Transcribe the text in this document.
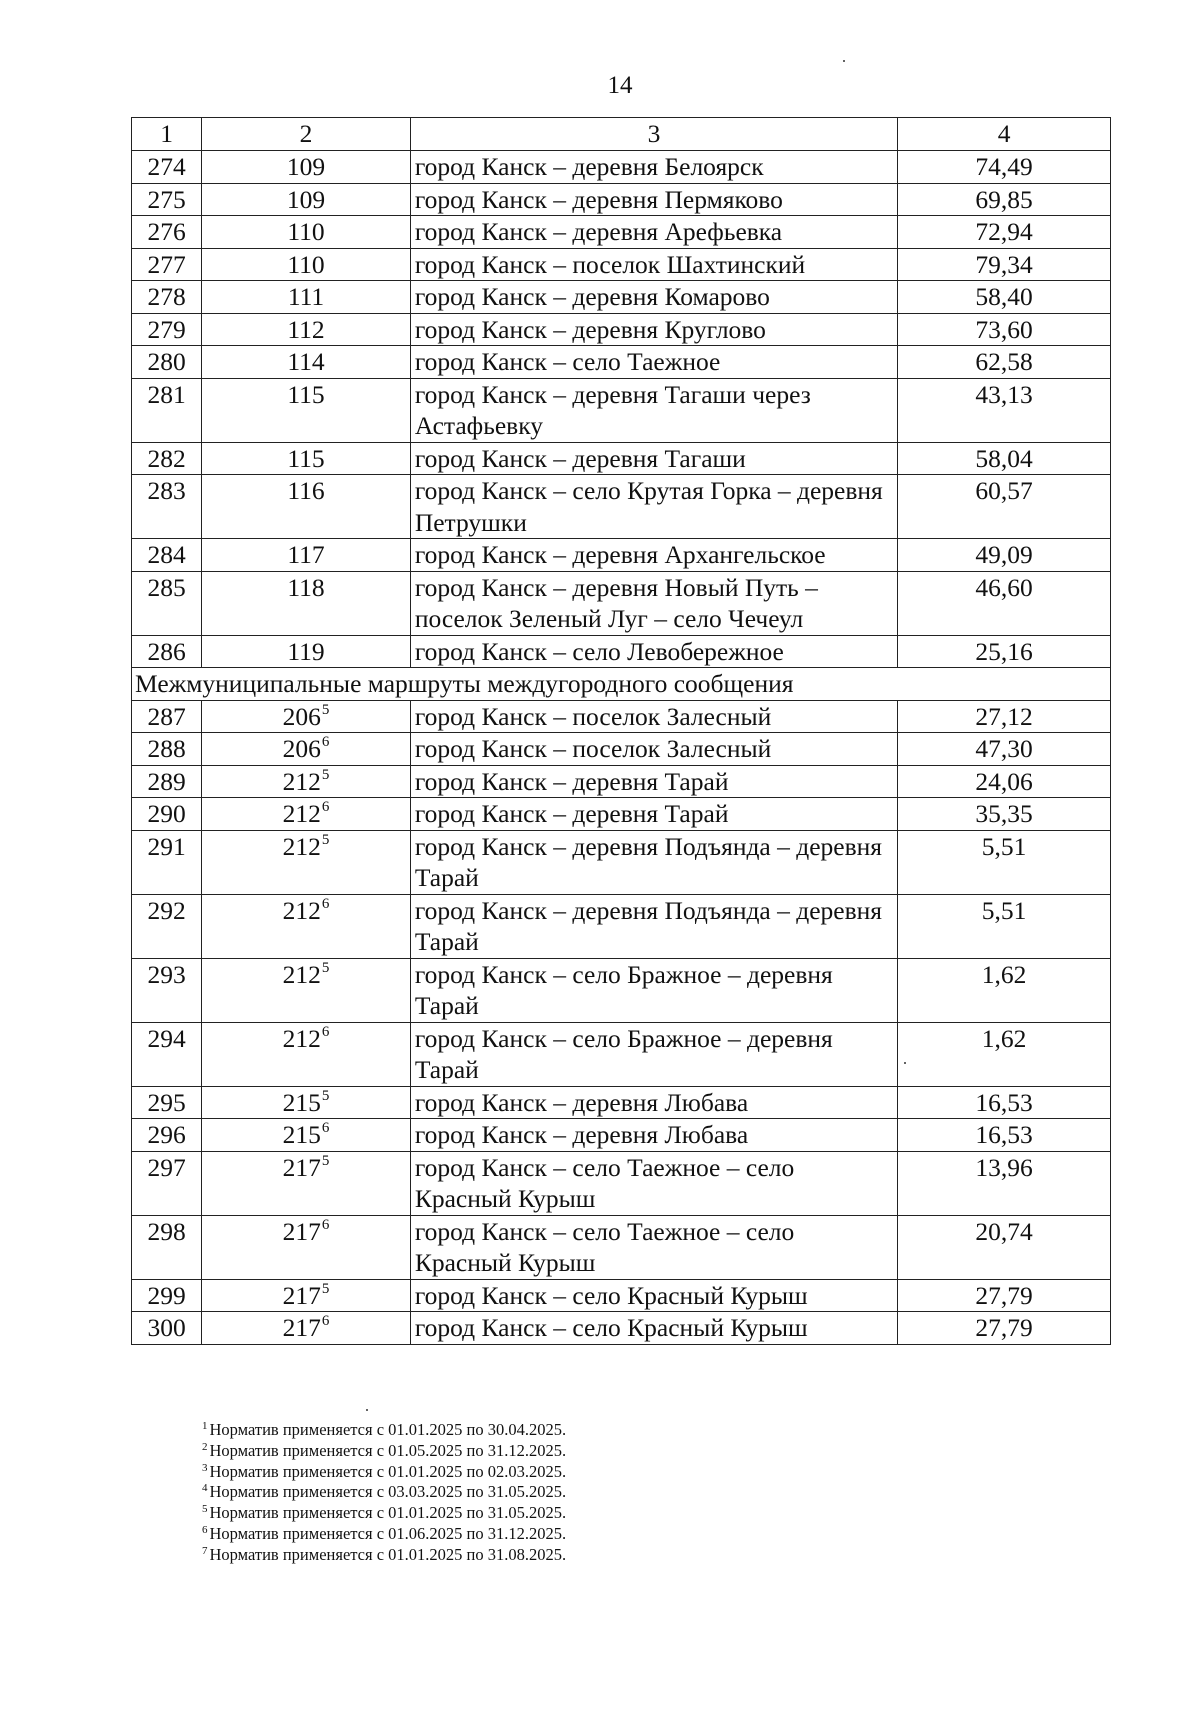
14
1	2	3	4
274	109	город Канск – деревня Белоярск	74,49
275	109	город Канск – деревня Пермяково	69,85
276	110	город Канск – деревня Арефьевка	72,94
277	110	город Канск – поселок Шахтинский	79,34
278	111	город Канск – деревня Комарово	58,40
279	112	город Канск – деревня Круглово	73,60
280	114	город Канск – село Таежное	62,58
281	115	город Канск – деревня Тагаши через Астафьевку	43,13
282	115	город Канск – деревня Тагаши	58,04
283	116	город Канск – село Крутая Горка – деревня Петрушки	60,57
284	117	город Канск – деревня Архангельское	49,09
285	118	город Канск – деревня Новый Путь – поселок Зеленый Луг – село Чечеул	46,60
286	119	город Канск – село Левобережное	25,16
Межмуниципальные маршруты междугородного сообщения			
287	$206^5$	город Канск – поселок Залесный	27,12
288	$206^6$	город Канск – поселок Залесный	47,30
289	$212^5$	город Канск – деревня Тарай	24,06
290	$212^6$	город Канск – деревня Тарай	35,35
291	$212^5$	город Канск – деревня Подъянда – деревня Тарай	5,51
292	$212^6$	город Канск – деревня Подъянда – деревня Тарай	5,51
293	$212^5$	город Канск – село Бражное – деревня Тарай	1,62
294	$212^6$	город Канск – село Бражное – деревня Тарай	1,62
295	$215^5$	город Канск – деревня Любава	16,53
296	$215^6$	город Канск – деревня Любава	16,53
297	$217^5$	город Канск – село Таежное – село Красный Курыш	13,96
298	$217^6$	город Канск – село Таежное – село Красный Курыш	20,74
299	$217^5$	город Канск – село Красный Курыш	27,79
300	$217^6$	город Канск – село Красный Курыш	27,79
$^1$ Норматив применяется с 01.01.2025 по 30.04.2025.
$^2$ Норматив применяется с 01.05.2025 по 31.12.2025.
$^3$ Норматив применяется с 01.01.2025 по 02.03.2025.
$^4$ Норматив применяется с 03.03.2025 по 31.05.2025.
$^5$ Норматив применяется с 01.01.2025 по 31.05.2025.
$^6$ Норматив применяется с 01.06.2025 по 31.12.2025.
$^7$ Норматив применяется с 01.01.2025 по 31.08.2025.
